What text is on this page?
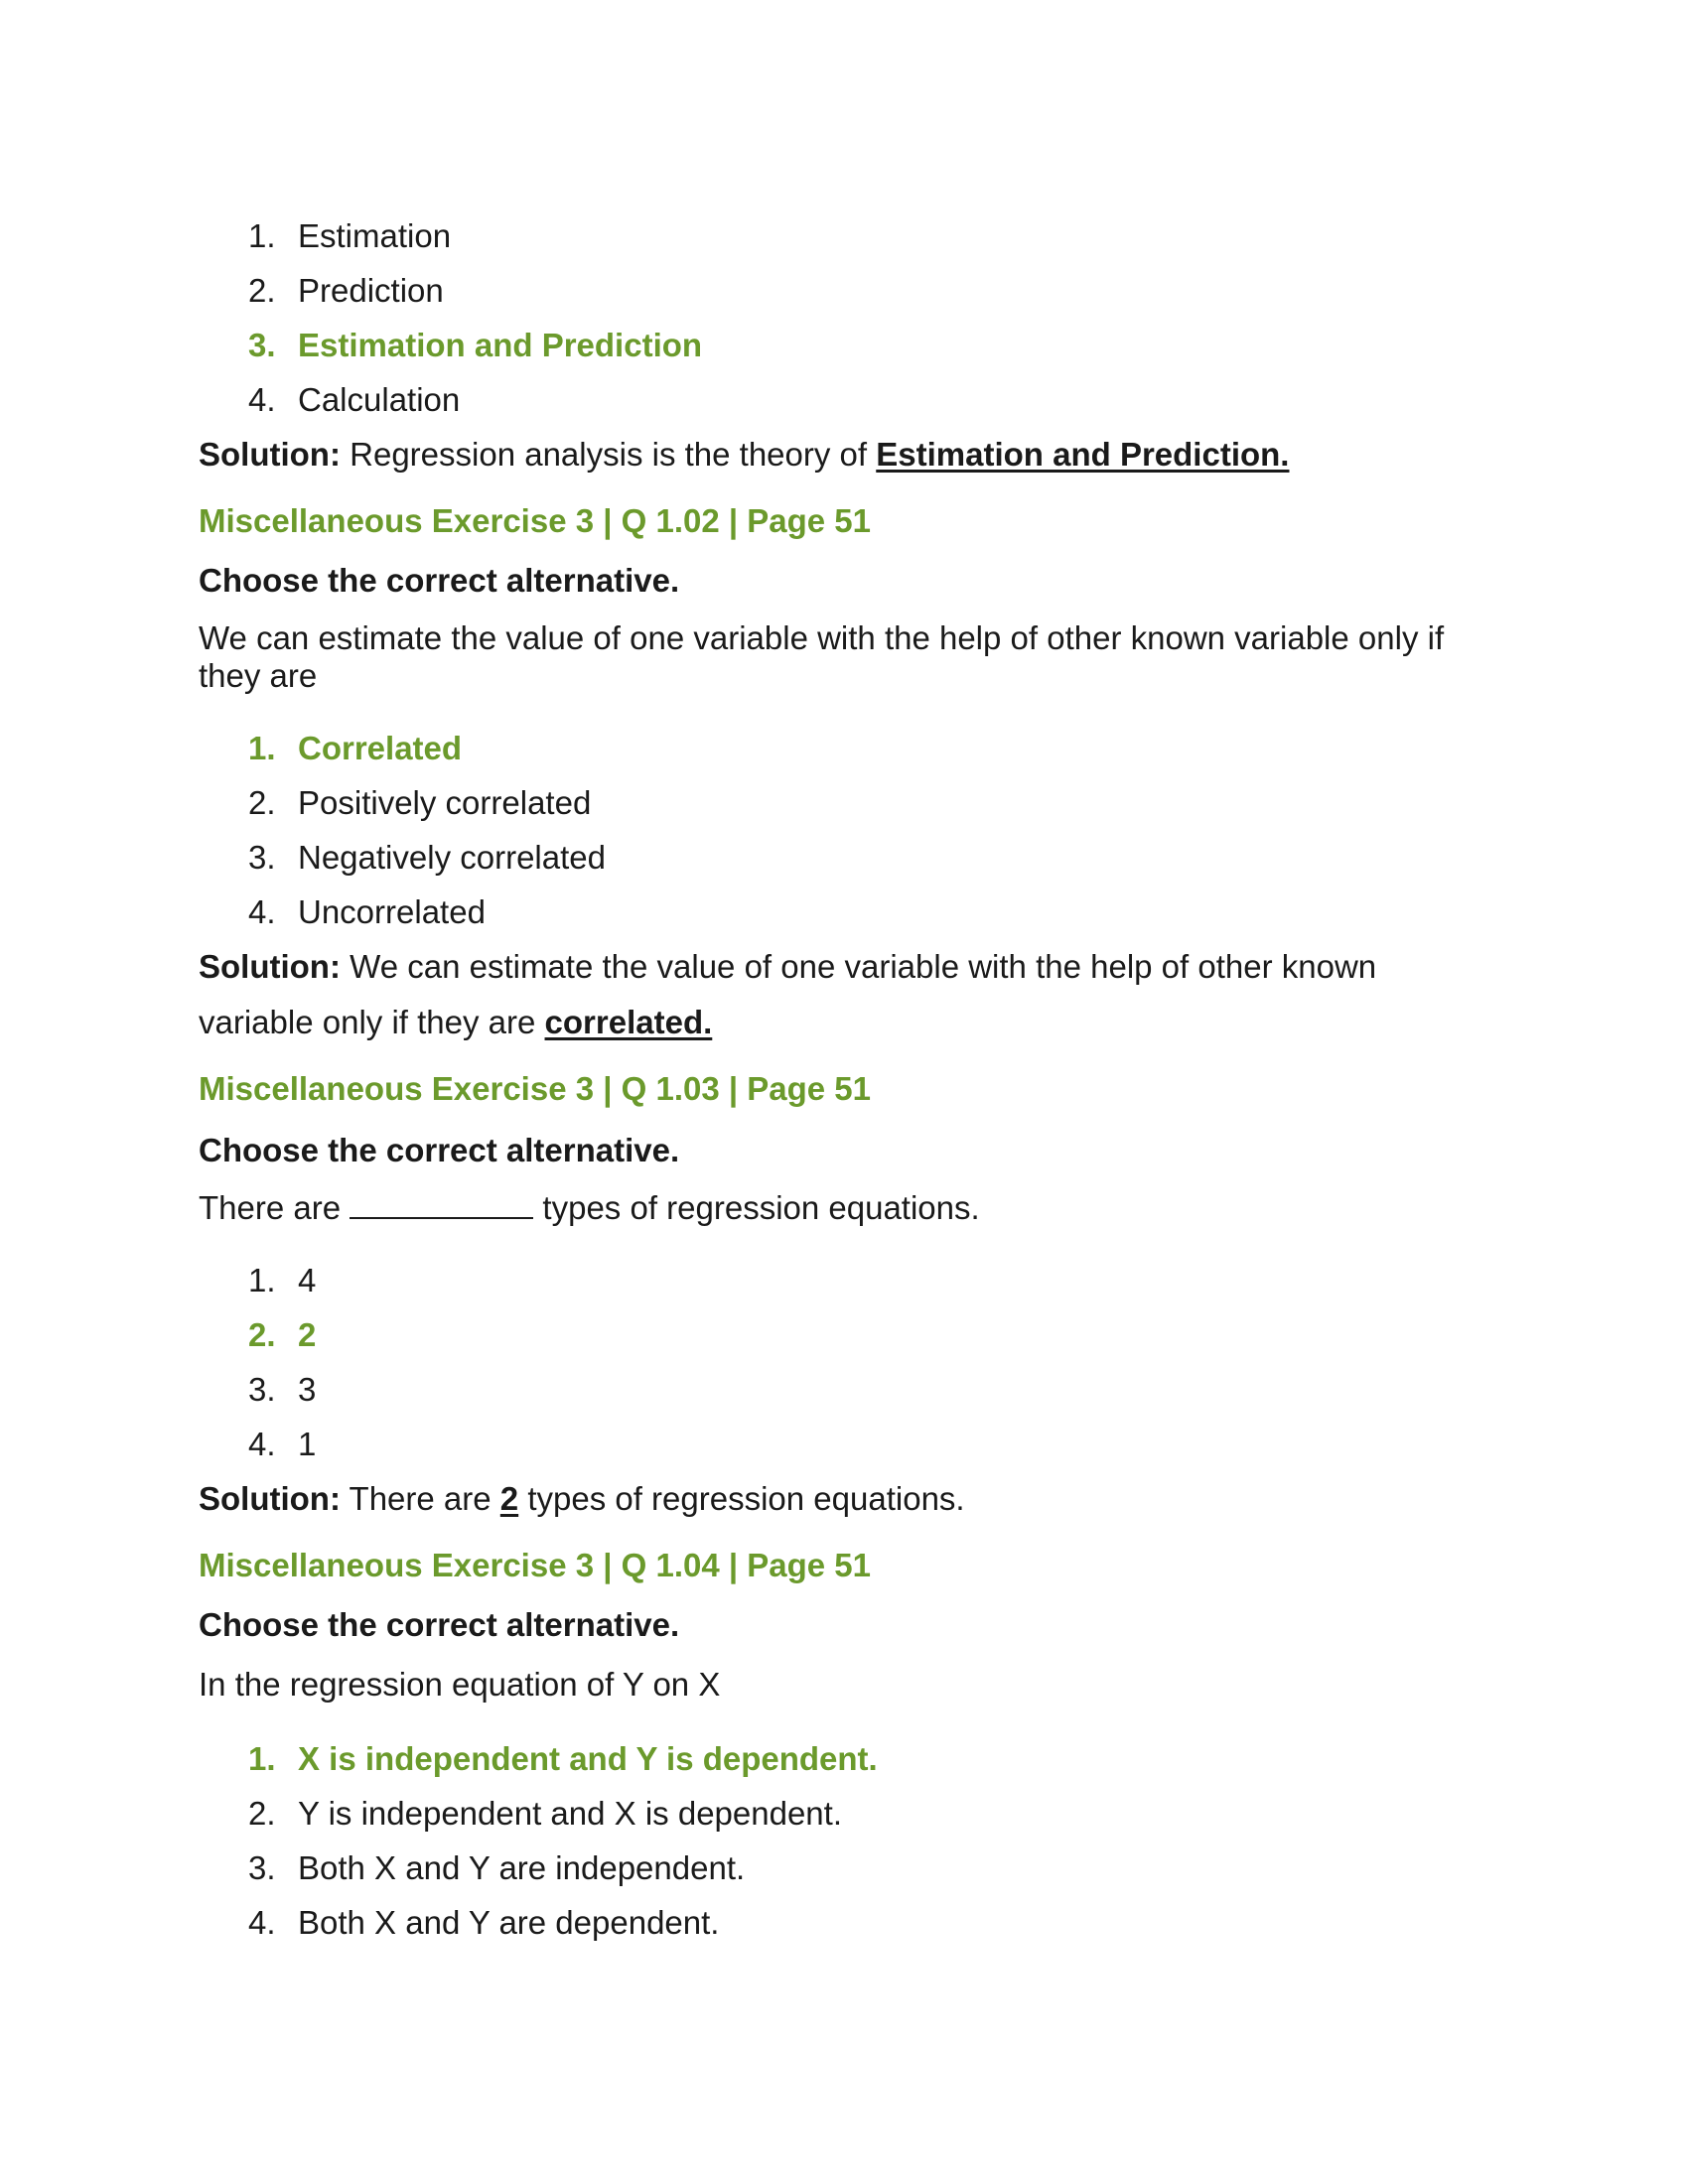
1. Estimation
2. Prediction
3. Estimation and Prediction
4. Calculation

Solution: Regression analysis is the theory of Estimation and Prediction.

Miscellaneous Exercise 3 | Q 1.02 | Page 51

Choose the correct alternative.

We can estimate the value of one variable with the help of other known variable only if they are

1. Correlated
2. Positively correlated
3. Negatively correlated
4. Uncorrelated

Solution: We can estimate the value of one variable with the help of other known variable only if they are correlated.

Miscellaneous Exercise 3 | Q 1.03 | Page 51

Choose the correct alternative.

There are	types of regression equations.

1. 4
2. 2
3. 3
4. 1

Solution: There are 2 types of regression equations.

Miscellaneous Exercise 3 | Q 1.04 | Page 51

Choose the correct alternative.

In the regression equation of Y on X

1. X is independent and Y is dependent.
2. Y is independent and X is dependent.
3. Both X and Y are independent.
4. Both X and Y are dependent.
